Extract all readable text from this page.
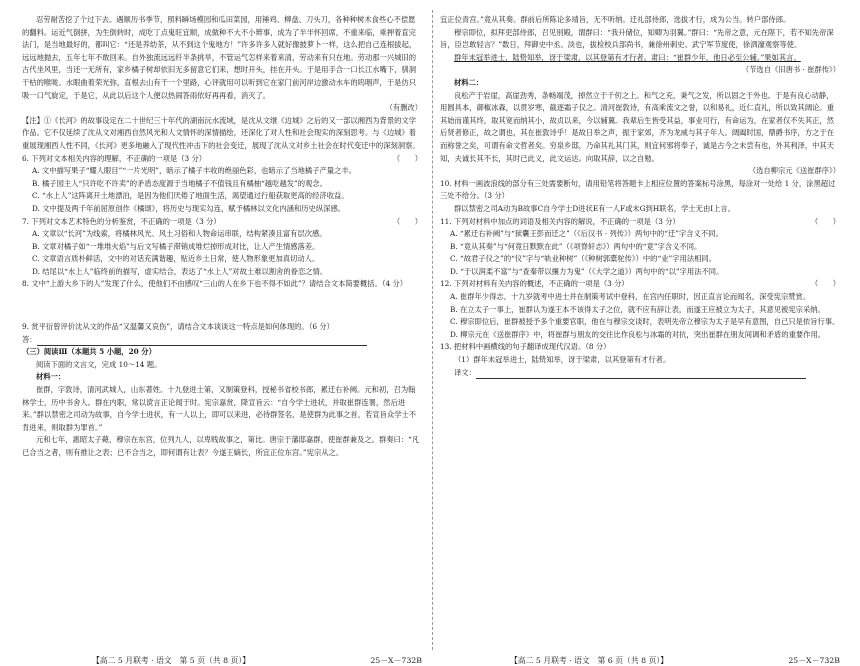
忍劳耐苦挖了个过下去。遇顺历书季节，照料瞬场模园和瓜田菜园，用锤鸡、柳盘、刀头刀，各种种树木食些心不偿愿的翻料。运近气倒拼，为生倒转时，成吃丁点鬼旺宜顺，成做种不大不小辫事，成为了半半怀回席，不重来临，乘押着直完法门，是当地最好的，都叫它：“还是养幼茶，从不到这个鬼地方！”许多许多人就好像披萝卜一样，这么把自己连根拔起，远远地抛去，五年七年不敢回来。自外独流远远纤半条挑旱，不管运气怎样来着来清，劳动来有只在地。劳动那一兴城旧的古代坐风里，当还一无所有，家乡橘子树却依旧无多留意它们来，想时开头，挂在开头。于是用手合一口长江水嘴下，驯洞干枯的喉咙。水眼曲着荣光弥，直根去山有干一个里路，心评就用可以听到它在家门前河岸边激动水车的呜咽声，于是仿只吸一口气旋定，于是它，从此以后这个人便以热闹答雨依好再再看，消灭了。

（有删改）

【注】①《长河》的故事设定在二十世纪三十年代的湖南沅水流域，是沈从文继《边城》之后的又一部以湘西为背景的文学作品。它不仅延续了沈从文对湘西自然风光和人文情怀的深情描绘，还深化了对人性和社会现实的深刻思考。与《边城》着重展现湘西人性不同，《长河》更多地融入了现代性冲击下的社会变迁，展现了沈从文对乡土社会在时代变迁中的深刻洞察。

6. 下列对文本相关内容的理解，不正确的一项是（3 分）	（　　）

A. 文中描写果子“耀人眼目”“一片光明”，暗示了橘子丰收的绝丽色彩，也暗示了当地橘子产量之丰。

B. 橘子园主人“只许吃不许卖”的矛盾态度源于当地橘子不值钱且有橘柚“越吃越发”的观念。

C. “水上人”这阵离开土地漂泊，是因为他们厌倦了地面生活，渴望通过行船获取更高的经济收益。

D. 文中提及两千年前屈原创作《橘颂》，将历史与现实勾连，赋予橘林以文化内涵和历史纵深感。

7. 下列对文本艺术特色的分析鉴赏，不正确的一项是（3 分）	（　　）

A. 文章以“长河”为线索，将橘林风光、风土习俗和人物命运串联，结构紧凑且富有层次感。

B. 文章对橘子如“一堆堆火焰”与后文写橘子滞销成堆烂掉形成对比，让人产生情感落差。

C. 文章语言质朴鲜活，文中的对话充满谐趣，贴近乡土日常，使人物形象更加真切动人。

D. 结尾以“水上人”临终前的描写，虚实结合，表达了“水上人”对故土难以割舍的眷恋之情。

8. 文中“上游大乡下的人”发现了什么，使他们不由感叹“三山的人在乡下也不得不如此”？请结合文本简要概括。（4 分）

9. 赏平衍曾评价沈从文的作品“又温馨又哀伤”，请结合文本谈谈这一特点是如何体现的。（6 分）

答：

（三）阅读Ⅲ（本题共 5 小题，20 分）

阅读下面的文言文，完成 10～14 题。

材料一：

崔群，字敦诗，清河武城人，山东著姓。十九登进士第，又制策登科，授秘书省校书郎，累迁右补阙。元和初，召为翰林学士，历中书舍人。群在内职，常以谠言正论闻于时。宪宗嘉赏，降宣旨云：“自今学士进状，并取崔群连署，然后进来。”群以禁密之司动为故事，自今学士进状，有一人以上，即可以来进，必待群签名，是使群为此事之首，若宣旨众学士不肯进来，则取群为罪首。”

元和七年，惠昭太子薨，穆宗在东宫，位列九人，以卑贱故事之，第比。唐宗于藩邸嘉群，使崔群兼及之。群奏曰：“凡已合当之者，则有推让之表；已不合当之，即何谓有让表？今遂王嫡长，所宜正位东宫。”宪宗从之。

宜正位青宫。”竟从其奏。群前后所陈论多靖旨，无不听纳。迁礼部侍郎，选拔才行，成为公当。转户部侍郎。

穆宗即位，拟拜吏部侍郎，召见别殿，谓群曰：“我升储位，知卿为羽翼。”群曰：“先帝之意，元在陛下，若不知先帝深旨，臣岂敢轻言？”数日，拜御史中丞。淡也，拔检校兵部尚书，兼徐州刺史、武宁军节度使，徐泗濠观察等使。

群年未冠举进士，陆贽知举，讶于梁肃，以其登第有才行者。肃曰：“崔群少年，他日必至公辅。”果如其言。

（节选自《旧唐书 · 崔群传》）

材料二：

良松产于岩崖，高崖劲秀，条畅端茂，掉然立于千仞之上。和气之充，秉气之发，所以固之于外也。于是有良心动静，用圆具本，御椒冰森，以贯岁寒，截逐霜子仅之。清河崔敦诗，有高乘流文之誉，以和易礼，近仁直礼，所以致其阔论。重其始而谨其终，取其宽而纳其小，故贞以来，今以辅翼。我辈后生皆受其益，事业可行，有命运为，在家者仅不失其正，然后贤者修正，故之谓也，其在崔敦诗乎！是故日举之声，振于家郊，齐为龙威与其子年人。阔阖时国，鼎爵书序，方之于在而称誉之矣，可谓有命文哲者矣。穷泉乡邸，乃命其礼其门其，则宜何邪将奉子，诚是古今之未尝有也，外其利泽，中其天知，夫诚长其不长，其时已此义，此文运达。向取其辞，以之自勉。

（选自柳宗元《送崔群序》）

10. 材料一画波浪线的部分有三处需要断句，请用铅笔将答题卡上相应位置的答案标号涂黑，每涂对一处给 1 分，涂黑超过三处不给分。（3 分）

群以禁密之司A动为B故事C自今学士D进状E有一人F或未G到H联名，学士无由I上言。

11. 下列对材料中加点的词语及相关内容的解说，不正确的一项是（3 分）	（　　）

A. “累迁右补阙”与“狱囊王彭而迁之”（《后汉书 · 列传》）两句中的“迁”字含义不同。

B. “竟从其奏”与“何竟日默默在此”（《项脊轩志》）两句中的“竟”字含义不同。

C. “故君子仪之”的“仪”字与“轨业种树”（《种树郭橐驼传》）中的“业”字用法相同。

D. “于以润柔不富”与“查秦带以攘力为鬼”（《大学之道》）两句中的“以”字用法不同。

12. 下列对材料有关内容的概述，不正确的一项是（3 分）	（　　）

A. 崔群年少得志，十九岁就考中进士并在制策考试中登科，在宫内任职时，因正直言论而闻名，深受宪宗赞赏。

B. 在立太子一事上，崔群认为遂王本不该得太子之位，就不应有辞让表，而遂王应被立为太子，其意见被宪宗采纳。

C. 穆宗即位后，崔群被授予多个重要官职，他在与穆宗交谈时，表明先帝立穆宗为太子是早有意图，自己只是依旨行事。

D. 柳宗元在《送崔群序》中，将崔群与朋友的交往比作良松与冰霜的对抗，突出崔群在朋友间调和矛盾的重要作用。

13. 把材料中画横线的句子翻译成现代汉语。（8 分）

（1）群年未冠举进士，陆贽知举，讶于梁肃，以其登第有才行者。

译文：

【高二 5 月联考 · 语文　第 5 页（共 8 页）】	25－X－732B	【高二 5 月联考 · 语文　第 6 页（共 8 页）】	25－X－732B
